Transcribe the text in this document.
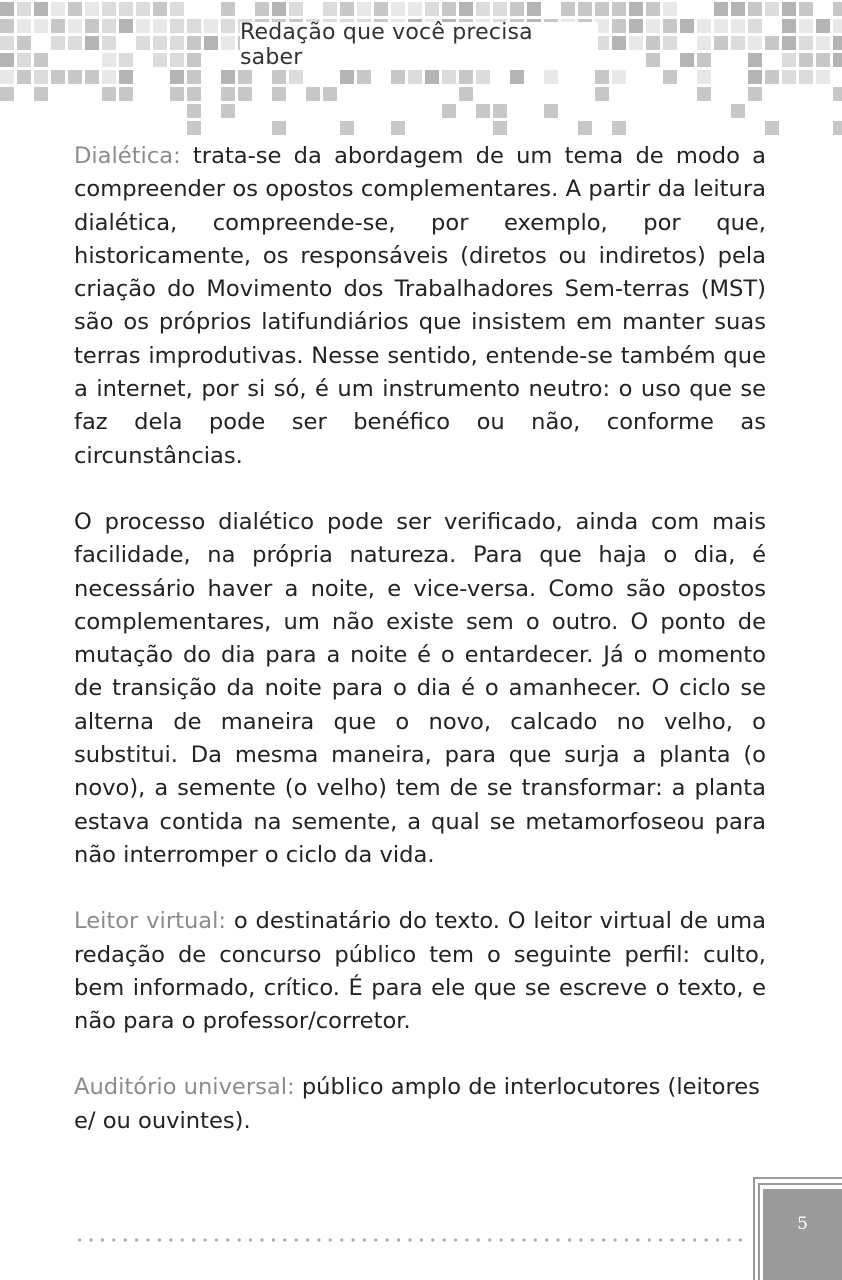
Redação que você precisa saber

Dialética: trata-se da abordagem de um tema de modo a compreender os opostos complementares. A partir da leitura dialética, compreende-se, por exemplo, por que, historicamente, os responsáveis (diretos ou indiretos) pela criação do Movimento dos Trabalhadores Sem-terras (MST) são os próprios latifundiários que insistem em manter suas terras improdutivas. Nesse sentido, entende-se também que a internet, por si só, é um instrumento neutro: o uso que se faz dela pode ser benéfico ou não, conforme as circunstâncias.

O processo dialético pode ser verificado, ainda com mais facilidade, na própria natureza. Para que haja o dia, é necessário haver a noite, e vice-versa. Como são opostos complementares, um não existe sem o outro. O ponto de mutação do dia para a noite é o entardecer. Já o momento de transição da noite para o dia é o amanhecer. O ciclo se alterna de maneira que o novo, calcado no velho, o substitui. Da mesma maneira, para que surja a planta (o novo), a semente (o velho) tem de se transformar: a planta estava contida na semente, a qual se metamorfoseou para não interromper o ciclo da vida.

Leitor virtual: o destinatário do texto. O leitor virtual de uma redação de concurso público tem o seguinte perfil: culto, bem informado, crítico. É para ele que se escreve o texto, e não para o professor/corretor.

Auditório universal: público amplo de interlocutores (leitores e/ ou ouvintes).

5
